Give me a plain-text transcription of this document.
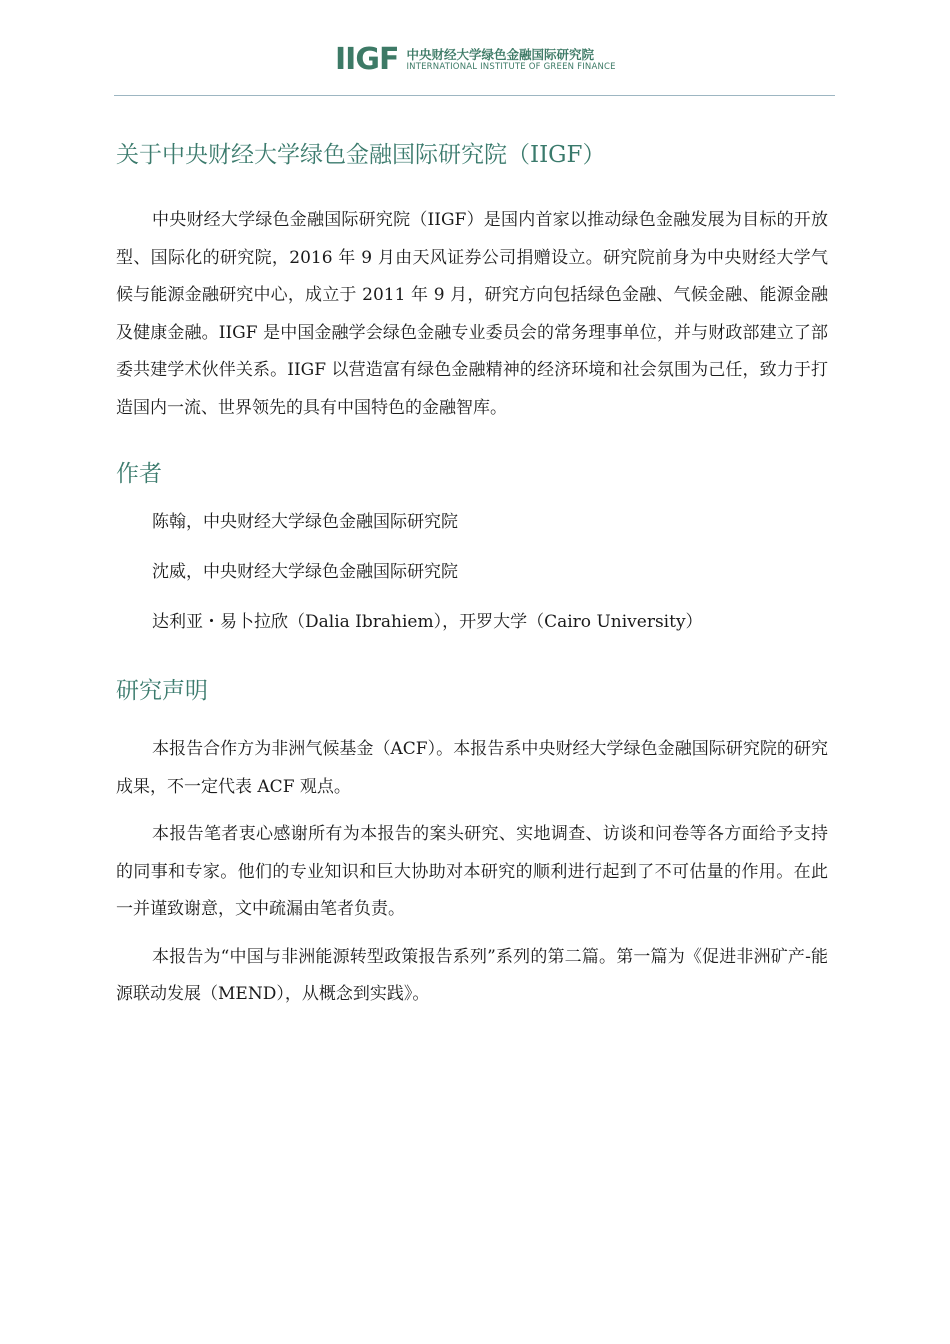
IIGF 中央财经大学绿色金融国际研究院
INTERNATIONAL INSTITUTE OF GREEN FINANCE
关于中央财经大学绿色金融国际研究院（IIGF）

中央财经大学绿色金融国际研究院（IIGF）是国内首家以推动绿色金融发展为目标的开放型、国际化的研究院，2016 年 9 月由天风证券公司捐赠设立。研究院前身为中央财经大学气候与能源金融研究中心，成立于 2011 年 9 月，研究方向包括绿色金融、气候金融、能源金融及健康金融。IIGF 是中国金融学会绿色金融专业委员会的常务理事单位，并与财政部建立了部委共建学术伙伴关系。IIGF 以营造富有绿色金融精神的经济环境和社会氛围为己任，致力于打造国内一流、世界领先的具有中国特色的金融智库。

作者
陈翰，中央财经大学绿色金融国际研究院
沈威，中央财经大学绿色金融国际研究院
达利亚・易卜拉欣（Dalia Ibrahiem），开罗大学（Cairo University）
研究声明

本报告合作方为非洲气候基金（ACF）。本报告系中央财经大学绿色金融国际研究院的研究成果，不一定代表 ACF 观点。

本报告笔者衷心感谢所有为本报告的案头研究、实地调查、访谈和问卷等各方面给予支持的同事和专家。他们的专业知识和巨大协助对本研究的顺利进行起到了不可估量的作用。在此一并谨致谢意，文中疏漏由笔者负责。

本报告为“中国与非洲能源转型政策报告系列”系列的第二篇。第一篇为《促进非洲矿产-能源联动发展（MEND），从概念到实践》。
